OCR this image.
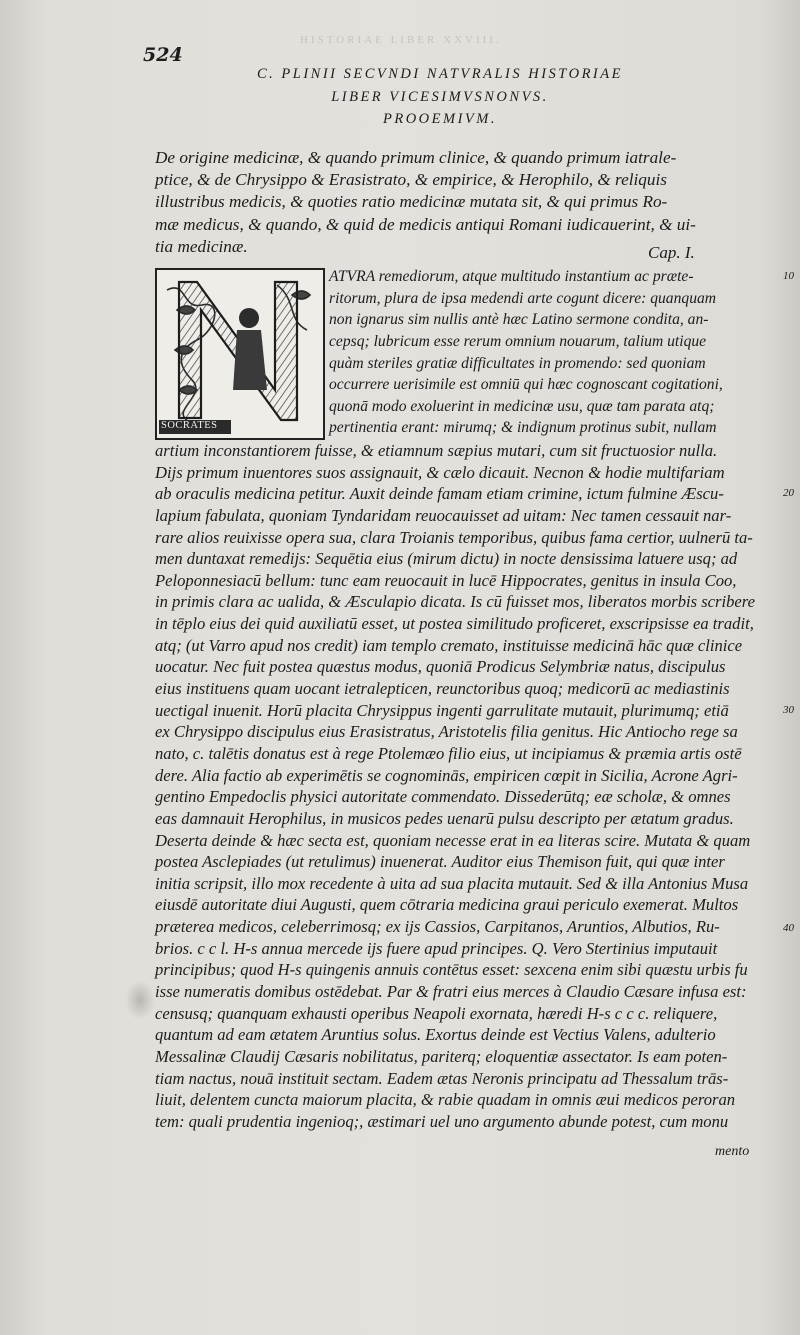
HISTORIAE LIBER XXVIII.
524
C. PLINII SECVNDI NATVRALIS HISTORIAE
LIBER VICESIMVSNONVS.
PROOEMIVM.
De origine medicinæ, & quando primum clinice, & quando primum iatrale-
ptice, & de Chrysippo & Erasistrato, & empirice, & Herophilo, & reliquis
illustribus medicis, & quoties ratio medicinæ mutata sit, & qui primus Ro-
mæ medicus, & quando, & quid de medicis antiqui Romani iudicauerint, & ui-
tia medicinæ.	Cap. I.
SOCRATES
ATVRA remediorum, atque multitudo instantium ac præte-
ritorum, plura de ipsa medendi arte cogunt dicere: quanquam
non ignarus sim nullis antè hæc Latino sermone condita, an-
cepsq; lubricum esse rerum omnium nouarum, talium utique
quàm steriles gratiæ difficultates in promendo: sed quoniam
occurrere uerisimile est omniū qui hæc cognoscant cogitationi,
quonā modo exoluerint in medicinæ usu, quæ tam parata atq;
pertinentia erant: mirumq; & indignum protinus subit, nullam
artium inconstantiorem fuisse, & etiamnum sæpius mutari, cum sit fructuosior nulla.
Dijs primum inuentores suos assignauit, & cælo dicauit. Necnon & hodie multifariam
ab oraculis medicina petitur. Auxit deinde famam etiam crimine, ictum fulmine Æscu-
lapium fabulata, quoniam Tyndaridam reuocauisset ad uitam: Nec tamen cessauit nar-
rare alios reuixisse opera sua, clara Troianis temporibus, quibus fama certior, uulnerū ta-
men duntaxat remedijs: Sequētia eius (mirum dictu) in nocte densissima latuere usq; ad
Peloponnesiacū bellum: tunc eam reuocauit in lucē Hippocrates, genitus in insula Coo,
in primis clara ac ualida, & Æsculapio dicata. Is cū fuisset mos, liberatos morbis scribere
in tēplo eius dei quid auxiliatū esset, ut postea similitudo proficeret, exscripsisse ea tradit,
atq; (ut Varro apud nos credit) iam templo cremato, instituisse medicinā hāc quæ clinice
uocatur. Nec fuit postea quæstus modus, quoniā Prodicus Selymbriæ natus, discipulus
eius instituens quam uocant ietralepticen, reunctoribus quoq; medicorū ac mediastinis
uectigal inuenit. Horū placita Chrysippus ingenti garrulitate mutauit, plurimumq; etiā
ex Chrysippo discipulus eius Erasistratus, Aristotelis filia genitus. Hic Antiocho rege sa
nato, c. talētis donatus est à rege Ptolemæo filio eius, ut incipiamus & præmia artis ostē
dere. Alia factio ab experimētis se cognominās, empiricen cœpit in Sicilia, Acrone Agri-
gentino Empedoclis physici autoritate commendato. Dissederūtq; eæ scholæ, & omnes
eas damnauit Herophilus, in musicos pedes uenarū pulsu descripto per ætatum gradus.
Deserta deinde & hæc secta est, quoniam necesse erat in ea literas scire. Mutata & quam
postea Asclepiades (ut retulimus) inuenerat. Auditor eius Themison fuit, qui quæ inter
initia scripsit, illo mox recedente à uita ad sua placita mutauit. Sed & illa Antonius Musa
eiusdē autoritate diui Augusti, quem cōtraria medicina graui periculo exemerat. Multos
præterea medicos, celeberrimosq; ex ijs Cassios, Carpitanos, Aruntios, Albutios, Ru-
brios. c c l. H-s annua mercede ijs fuere apud principes. Q. Vero Stertinius imputauit
principibus; quod H-s quingenis annuis contētus esset: sexcena enim sibi quæstu urbis fu
isse numeratis domibus ostēdebat. Par & fratri eius merces à Claudio Cæsare infusa est:
censusq; quanquam exhausti operibus Neapoli exornata, hæredi H-s c c c. reliquere,
quantum ad eam ætatem Aruntius solus. Exortus deinde est Vectius Valens, adulterio
Messalinæ Claudij Cæsaris nobilitatus, pariterq; eloquentiæ assectator. Is eam poten-
tiam nactus, nouā instituit sectam. Eadem ætas Neronis principatu ad Thessalum trās-
liuit, delentem cuncta maiorum placita, & rabie quadam in omnis æui medicos peroran
tem: quali prudentia ingenioq;, æstimari uel uno argumento abunde potest, cum monu
10
20
30
40
mento
